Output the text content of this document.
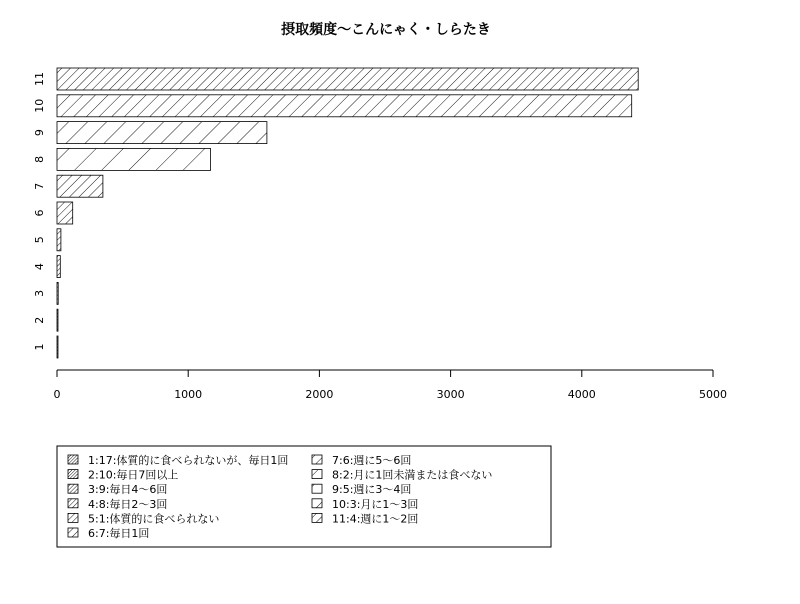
摂取頻度〜こんにゃく・しらたき
1
2
3
4
5
6
7
8
9
10
11
0	1000	2000	3000	4000	5000
1:17:体質的に食べられないが、毎日1回
2:10:毎日7回以上
3:9:毎日4〜6回
4:8:毎日2〜3回
5:1:体質的に食べられない
6:7:毎日1回
7:6:週に5〜6回
8:2:月に1回未満または食べない
9:5:週に3〜4回
10:3:月に1〜3回
11:4:週に1〜2回
